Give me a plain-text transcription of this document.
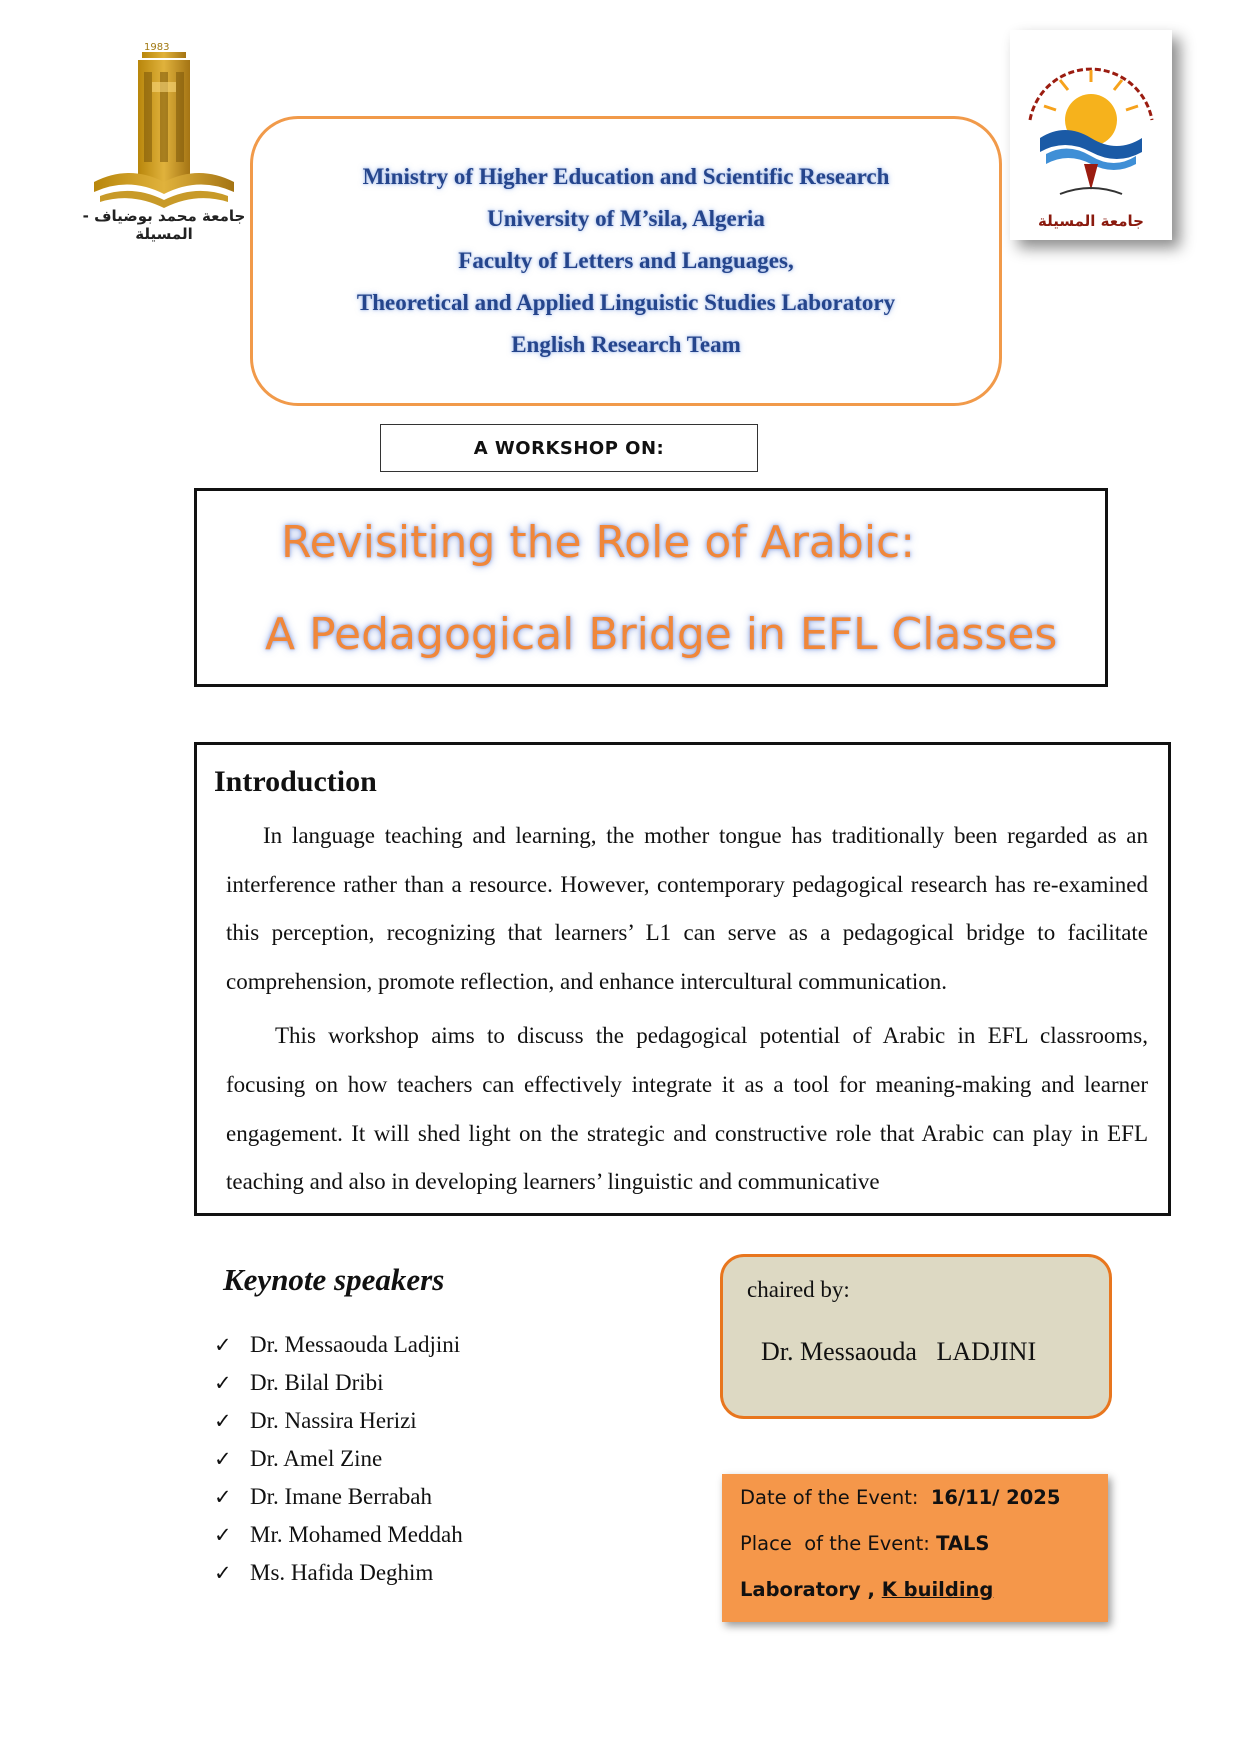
1983
جامعة محمد بوضياف - المسيلة
جامعة المسيلة
Ministry of Higher Education and Scientific Research
University of M’sila, Algeria
Faculty of Letters and Languages,
Theoretical and Applied Linguistic Studies Laboratory
English Research Team
A WORKSHOP ON:
Revisiting the Role of Arabic:
A Pedagogical Bridge in EFL Classes
Introduction

In language teaching and learning, the mother tongue has traditionally been regarded as an interference rather than a resource. However, contemporary pedagogical research has re-examined this perception, recognizing that learners’ L1 can serve as a pedagogical bridge to facilitate comprehension, promote reflection, and enhance intercultural communication.

This workshop aims to discuss the pedagogical potential of Arabic in EFL classrooms, focusing on how teachers can effectively integrate it as a tool for meaning-making and learner engagement. It will shed light on the strategic and constructive role that Arabic can play in EFL teaching and also in developing learners’ linguistic and communicative

Keynote speakers
✓ Dr. Messaouda Ladjini
✓ Dr. Bilal Dribi
✓ Dr. Nassira Herizi
✓ Dr. Amel Zine
✓ Dr. Imane Berrabah
✓ Mr. Mohamed Meddah
✓ Ms. Hafida Deghim
chaired by:
Dr. Messaouda   LADJINI
Date of the Event:  16/11/ 2025
Place  of the Event: TALS
Laboratory , K building
